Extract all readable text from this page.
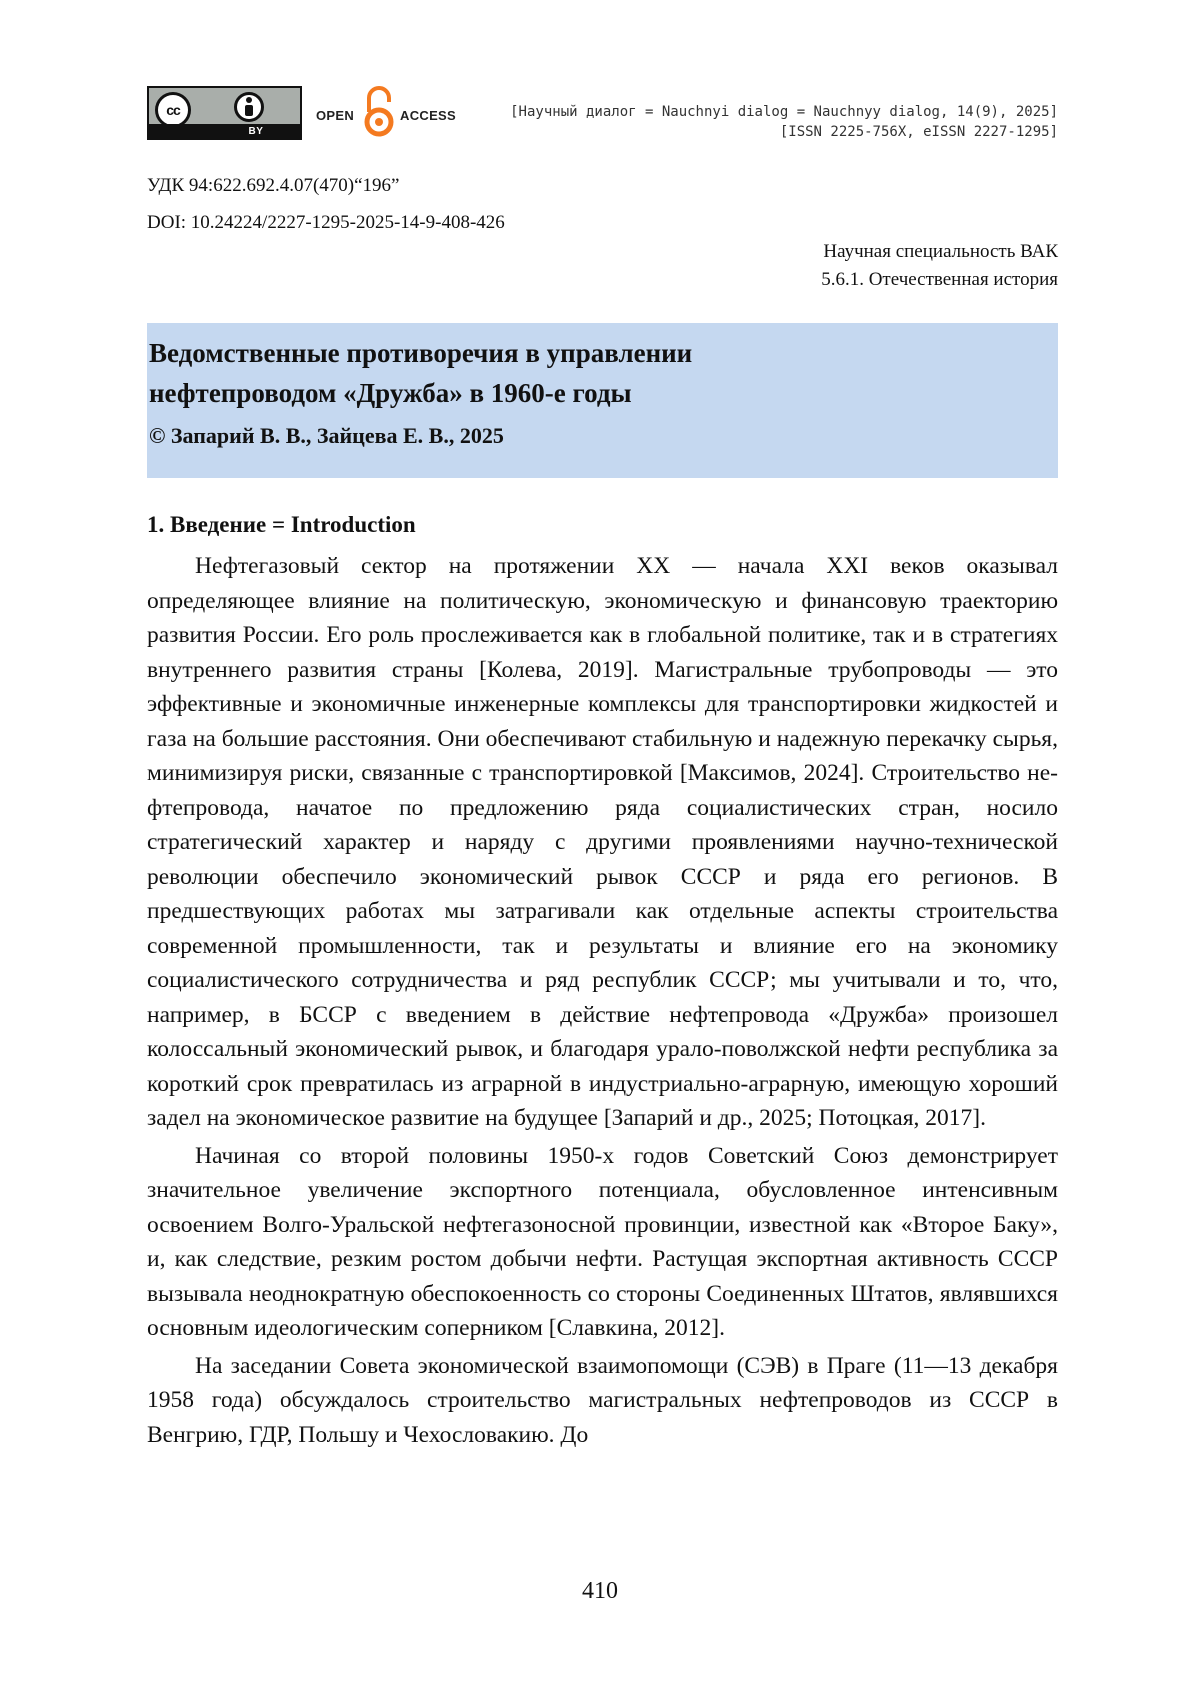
cc
BY
OPEN	ACCESS	[Научный диалог = Nauchnyi dialog = Nauchnyy dialog, 14(9), 2025]
[ISSN 2225-756X, eISSN 2227-1295]
УДК 94:622.692.4.07(470)“196”
DOI: 10.24224/2227-1295-2025-14-9-408-426
Научная специальность ВАК
5.6.1. Отечественная история
Ведомственные противоречия в управлении
нефтепроводом «Дружба» в 1960-е годы
© Запарий В. В., Зайцева Е. В., 2025
1. Введение = Introduction

Нефтегазовый сектор на протяжении XX — начала XXI веков оказывал определяющее влияние на политическую, экономическую и финансовую траекторию развития России. Его роль прослеживается как в глобальной политике, так и в стратегиях внутреннего развития страны [Колева, 2019]. Магистральные трубопроводы — это эффективные и экономичные инженерные комплексы для транспортировки жидкостей и газа на большие расстояния. Они обеспечивают стабильную и надежную перекачку сырья, минимизируя риски, связанные с транспортировкой [Максимов, 2024]. Строительство нефтепровода, начатое по предложению ряда социалистических стран, носило стратегический характер и наряду с другими проявлениями научно-технической революции обеспечило экономический рывок СССР и ряда его регионов. В предшествующих работах мы затрагивали как отдельные аспекты строительства современной промышленности, так и результаты и влияние его на экономику социалистического сотрудничества и ряд республик СССР; мы учитывали и то, что, например, в БССР с введением в действие нефтепровода «Дружба» произошел колоссальный экономический рывок, и благодаря урало-поволжской нефти республика за короткий срок превратилась из аграрной в индустриально-аграрную, имеющую хороший задел на экономическое развитие на будущее [Запарий и др., 2025; Потоцкая, 2017].

Начиная со второй половины 1950-х годов Советский Союз демонстрирует значительное увеличение экспортного потенциала, обусловленное интенсивным освоением Волго-Уральской нефтегазоносной провинции, известной как «Второе Баку», и, как следствие, резким ростом добычи нефти. Растущая экспортная активность СССР вызывала неоднократную обеспокоенность со стороны Соединенных Штатов, являвшихся основным идеологическим соперником [Славкина, 2012].

На заседании Совета экономической взаимопомощи (СЭВ) в Праге (11—13 декабря 1958 года) обсуждалось строительство магистральных нефтепроводов из СССР в Венгрию, ГДР, Польшу и Чехословакию. До

410
